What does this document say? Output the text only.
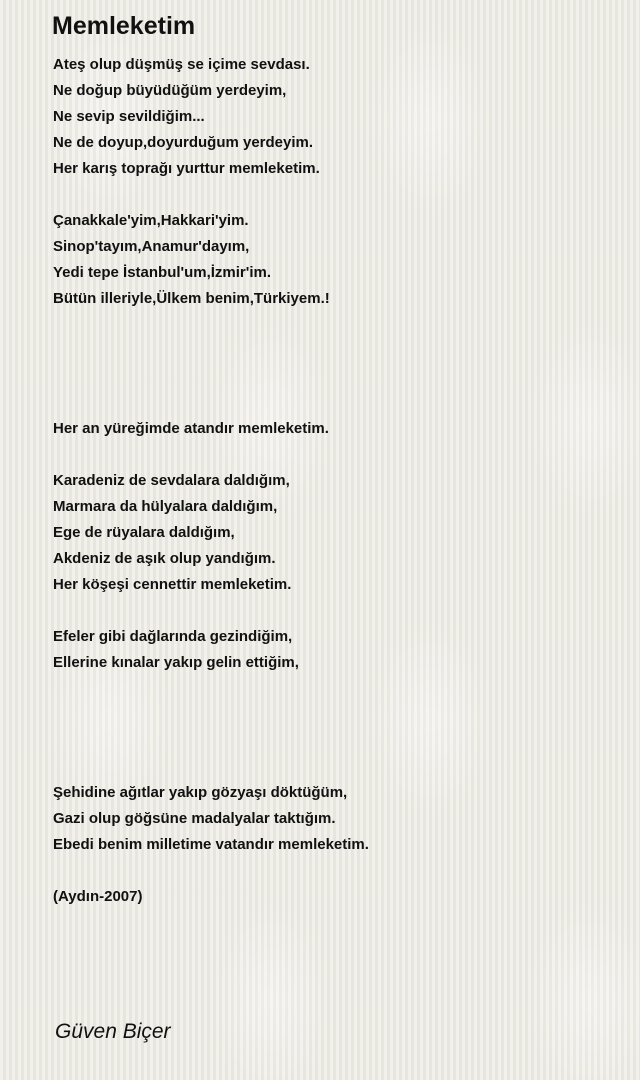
Memleketim
Ateş olup düşmüş se içime sevdası.
Ne doğup büyüdüğüm yerdeyim,
Ne sevip sevildiğim...
Ne de doyup,doyurduğum yerdeyim.
Her karış toprağı yurttur memleketim.
Çanakkale'yim,Hakkari'yim.
Sinop'tayım,Anamur'dayım,
Yedi tepe İstanbul'um,İzmir'im.
Bütün illeriyle,Ülkem benim,Türkiyem.!
Her an yüreğimde atandır memleketim.
Karadeniz de sevdalara daldığım,
Marmara da hülyalara daldığım,
Ege de rüyalara daldığım,
Akdeniz de aşık olup yandığım.
Her köşeşi cennettir memleketim.
Efeler gibi dağlarında gezindiğim,
Ellerine kınalar yakıp gelin ettiğim,
Şehidine ağıtlar yakıp gözyaşı döktüğüm,
Gazi olup göğsüne madalyalar taktığım.
Ebedi benim milletime vatandır memleketim.
(Aydın-2007)
Güven Biçer
